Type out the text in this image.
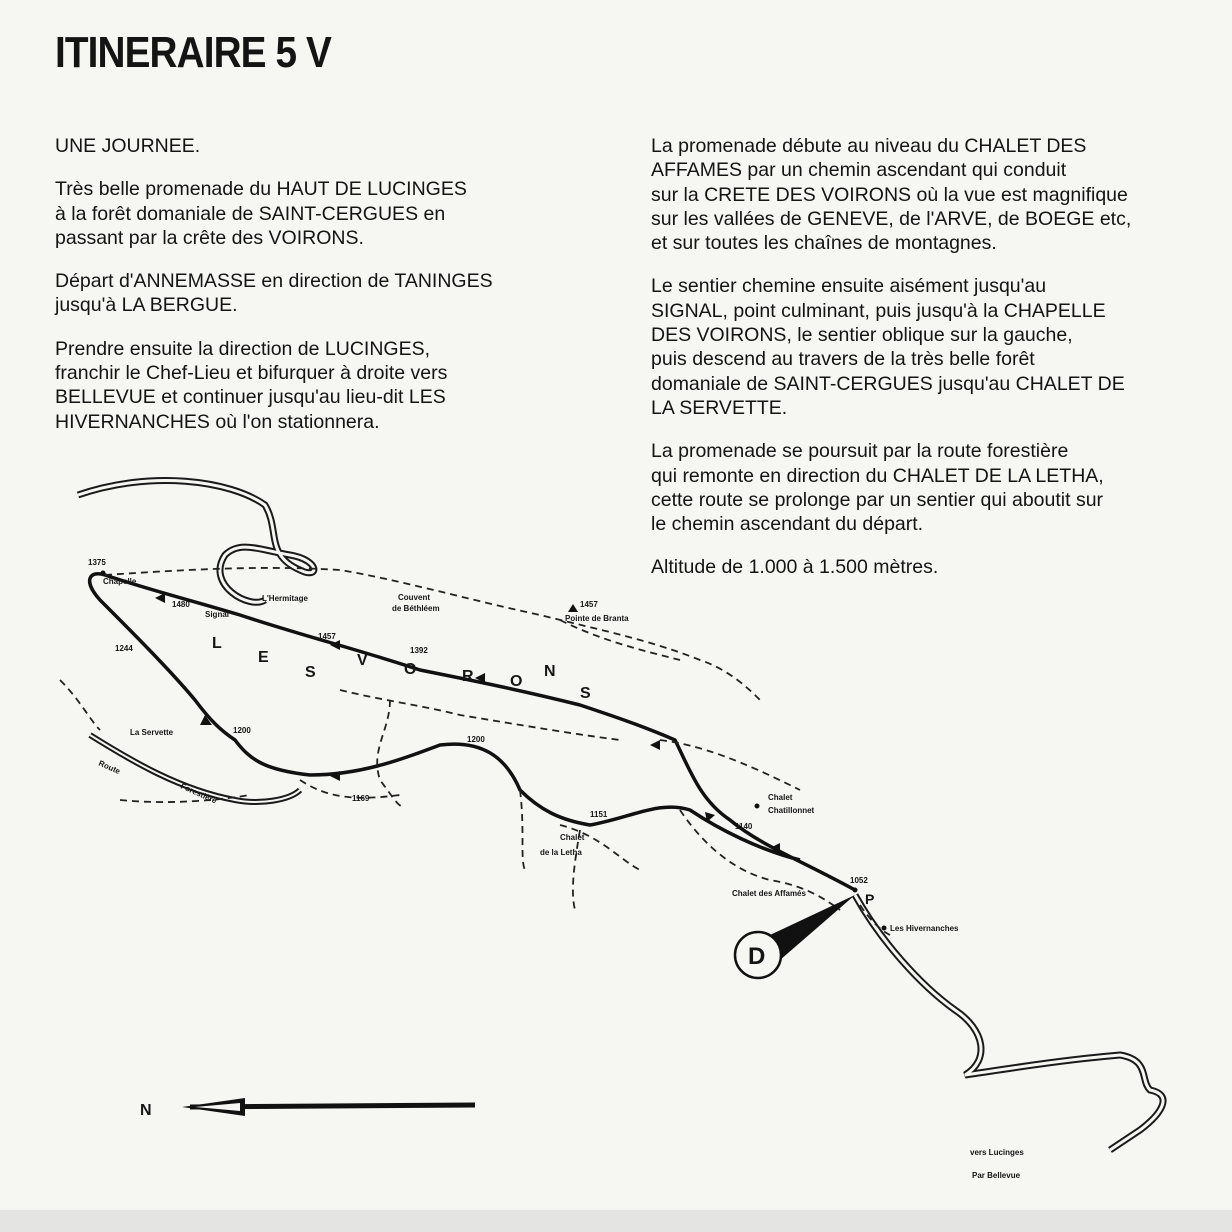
ITINERAIRE 5 V

UNE JOURNEE.

Très belle promenade du HAUT DE LUCINGES
à la forêt domaniale de SAINT-CERGUES en
passant par la crête des VOIRONS.

Départ d'ANNEMASSE en direction de TANINGES
jusqu'à LA BERGUE.

Prendre ensuite la direction de LUCINGES,
franchir le Chef-Lieu et bifurquer à droite vers
BELLEVUE et continuer jusqu'au lieu-dit LES
HIVERNANCHES où l'on stationnera.

La promenade débute au niveau du CHALET DES
AFFAMES par un chemin ascendant qui conduit
sur la CRETE DES VOIRONS où la vue est magnifique
sur les vallées de GENEVE, de l'ARVE, de BOEGE etc,
et sur toutes les chaînes de montagnes.

Le sentier chemine ensuite aisément jusqu'au
SIGNAL, point culminant, puis jusqu'à la CHAPELLE
DES VOIRONS, le sentier oblique sur la gauche,
puis descend au travers de la très belle forêt
domaniale de SAINT-CERGUES jusqu'au CHALET DE
LA SERVETTE.

La promenade se poursuit par la route forestière
qui remonte en direction du CHALET DE LA LETHA,
cette route se prolonge par un sentier qui aboutit sur
le chemin ascendant du départ.

Altitude de 1.000 à 1.500 mètres.

N
D
1375
1480
1457
1392
1457
1244
1200
1200
1169
1151
1140
1052
Chapelle
Signal
L'Hermitage	Couvent
de Béthléem
Pointe de Branta
La Servette
Route
Forestière
Chalet
de la Letha
Chalet
Chatillonnet
Chalet des Affamés
Les Hivernanches
vers Lucinges
Par Bellevue
L
E
S
V
O	R O
N
S
P
